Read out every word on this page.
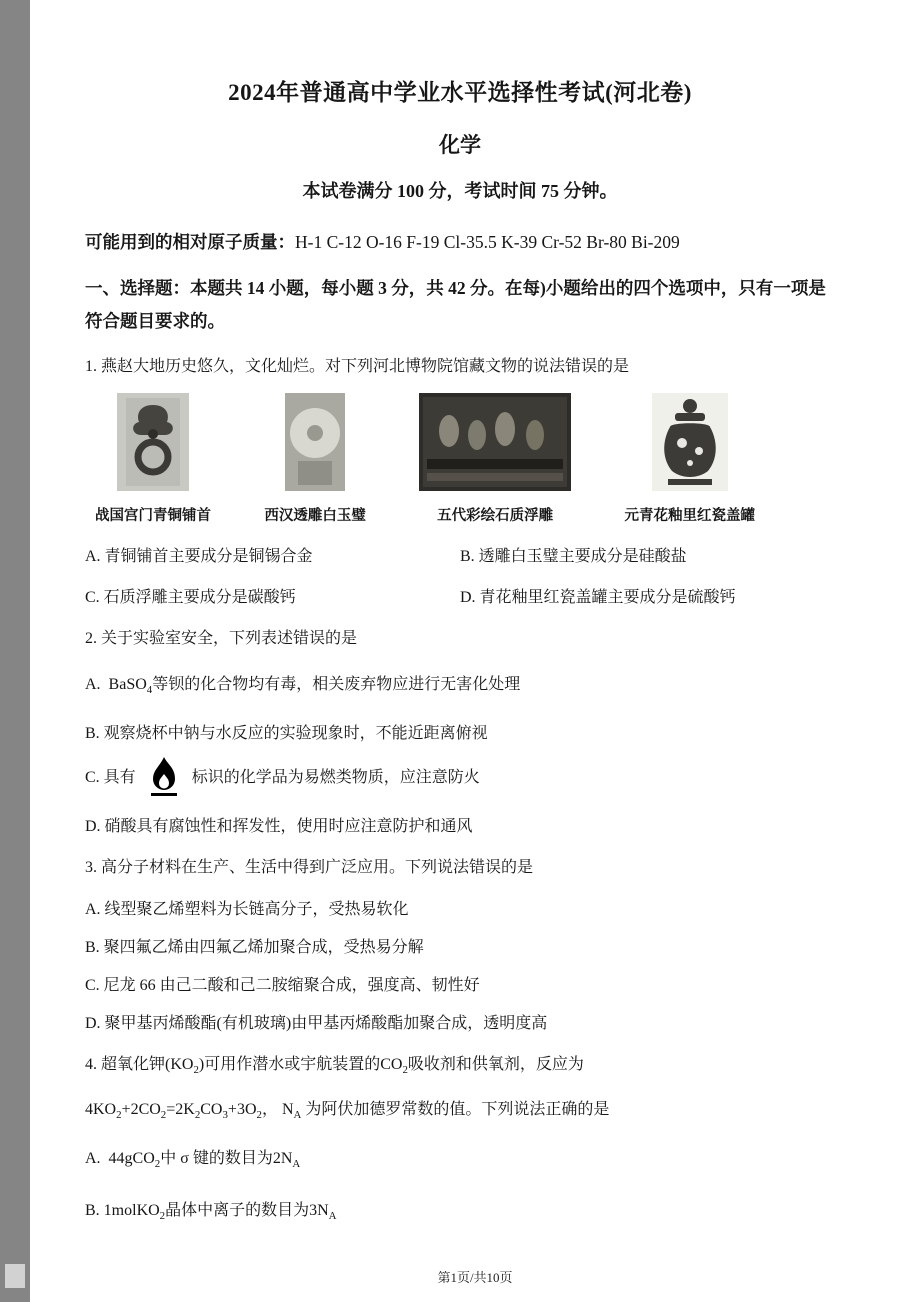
2024年普通高中学业水平选择性考试(河北卷)
化学
本试卷满分 100 分，考试时间 75 分钟。
可能用到的相对原子质量：H-1 C-12 O-16 F-19 Cl-35.5 K-39 Cr-52 Br-80 Bi-209
一、选择题：本题共 14 小题，每小题 3 分，共 42 分。在每)小题给出的四个选项中，只有一项是符合题目要求的。
1. 燕赵大地历史悠久，文化灿烂。对下列河北博物院馆藏文物的说法错误的是
战国宫门青铜铺首	西汉透雕白玉璧	五代彩绘石质浮雕	元青花釉里红瓷盖罐
A. 青铜铺首主要成分是铜锡合金	B. 透雕白玉璧主要成分是硅酸盐
C. 石质浮雕主要成分是碳酸钙	D. 青花釉里红瓷盖罐主要成分是硫酸钙
2. 关于实验室安全，下列表述错误的是
A.  BaSO$_4$等钡的化合物均有毒，相关废弃物应进行无害化处理
B. 观察烧杯中钠与水反应的实验现象时，不能近距离俯视
C. 具有	标识的化学品为易燃类物质，应注意防火
D. 硝酸具有腐蚀性和挥发性，使用时应注意防护和通风
3. 高分子材料在生产、生活中得到广泛应用。下列说法错误的是
A. 线型聚乙烯塑料为长链高分子，受热易软化
B. 聚四氟乙烯由四氟乙烯加聚合成，受热易分解
C. 尼龙 66 由己二酸和己二胺缩聚合成，强度高、韧性好
D. 聚甲基丙烯酸酯(有机玻璃)由甲基丙烯酸酯加聚合成，透明度高
4. 超氧化钾$(KO_2)$可用作潜水或宇航装置的$CO_2$吸收剂和供氧剂，反应为
$4KO_2+2CO_2=2K_2CO_3+3O_2$， $N_A$ 为阿伏加德罗常数的值。下列说法正确的是
A.  44gCO$_2$中 σ 键的数目为$2N_A$
B. 1molKO$_2$晶体中离子的数目为$3N_A$
第1页/共10页
